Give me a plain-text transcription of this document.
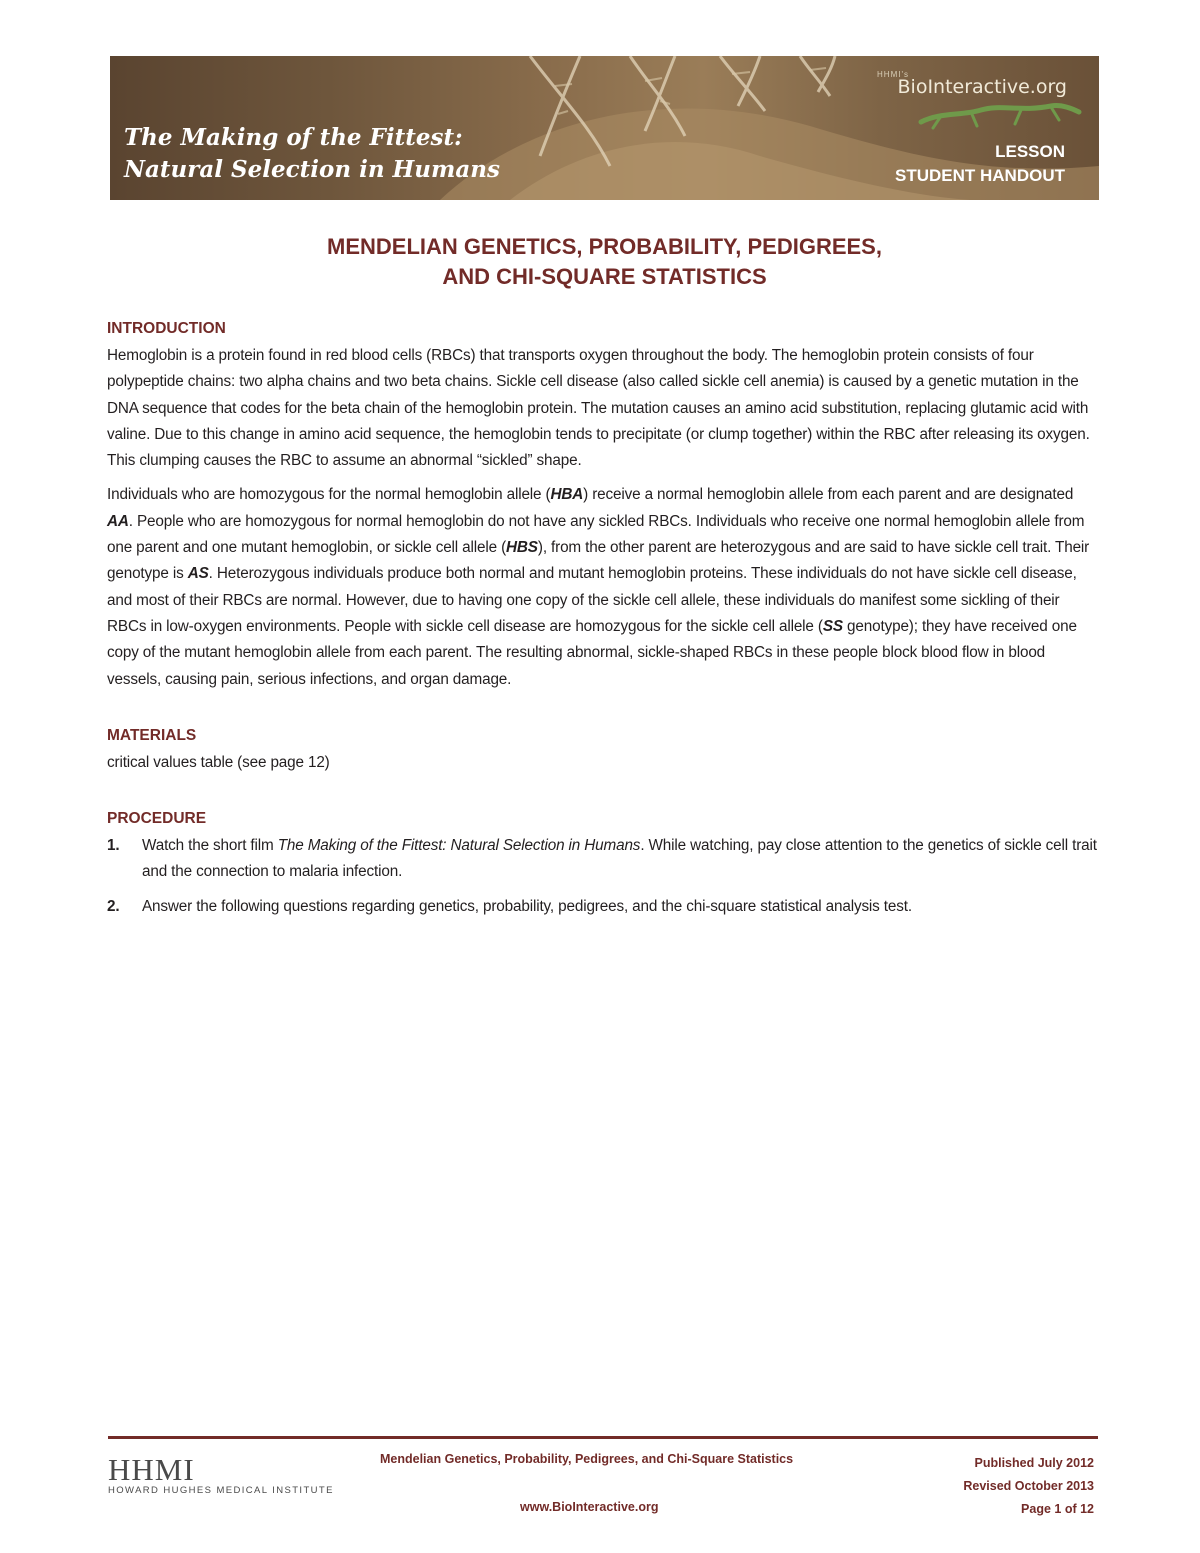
The Making of the Fittest:
Natural Selection in Humans
HHMI's
BioInteractive.org
LESSON
STUDENT HANDOUT
MENDELIAN GENETICS, PROBABILITY, PEDIGREES,
AND CHI-SQUARE STATISTICS
INTRODUCTION

Hemoglobin is a protein found in red blood cells (RBCs) that transports oxygen throughout the body. The hemoglobin protein consists of four polypeptide chains: two alpha chains and two beta chains. Sickle cell disease (also called sickle cell anemia) is caused by a genetic mutation in the DNA sequence that codes for the beta chain of the hemoglobin protein. The mutation causes an amino acid substitution, replacing glutamic acid with valine. Due to this change in amino acid sequence, the hemoglobin tends to precipitate (or clump together) within the RBC after releasing its oxygen. This clumping causes the RBC to assume an abnormal “sickled” shape.

Individuals who are homozygous for the normal hemoglobin allele (HBA) receive a normal hemoglobin allele from each parent and are designated AA. People who are homozygous for normal hemoglobin do not have any sickled RBCs. Individuals who receive one normal hemoglobin allele from one parent and one mutant hemoglobin, or sickle cell allele (HBS), from the other parent are heterozygous and are said to have sickle cell trait. Their genotype is AS. Heterozygous individuals produce both normal and mutant hemoglobin proteins. These individuals do not have sickle cell disease, and most of their RBCs are normal. However, due to having one copy of the sickle cell allele, these individuals do manifest some sickling of their RBCs in low-oxygen environments. People with sickle cell disease are homozygous for the sickle cell allele (SS genotype); they have received one copy of the mutant hemoglobin allele from each parent. The resulting abnormal, sickle-shaped RBCs in these people block blood flow in blood vessels, causing pain, serious infections, and organ damage.

MATERIALS

critical values table (see page 12)

PROCEDURE
1.	Watch the short film The Making of the Fittest: Natural Selection in Humans. While watching, pay close attention to the genetics of sickle cell trait and the connection to malaria infection.
2.	Answer the following questions regarding genetics, probability, pedigrees, and the chi-square statistical analysis test.
HHMI
HOWARD HUGHES MEDICAL INSTITUTE
Mendelian Genetics, Probability, Pedigrees, and Chi-Square Statistics
www.BioInteractive.org
Published July 2012
Revised October 2013
Page 1 of 12
